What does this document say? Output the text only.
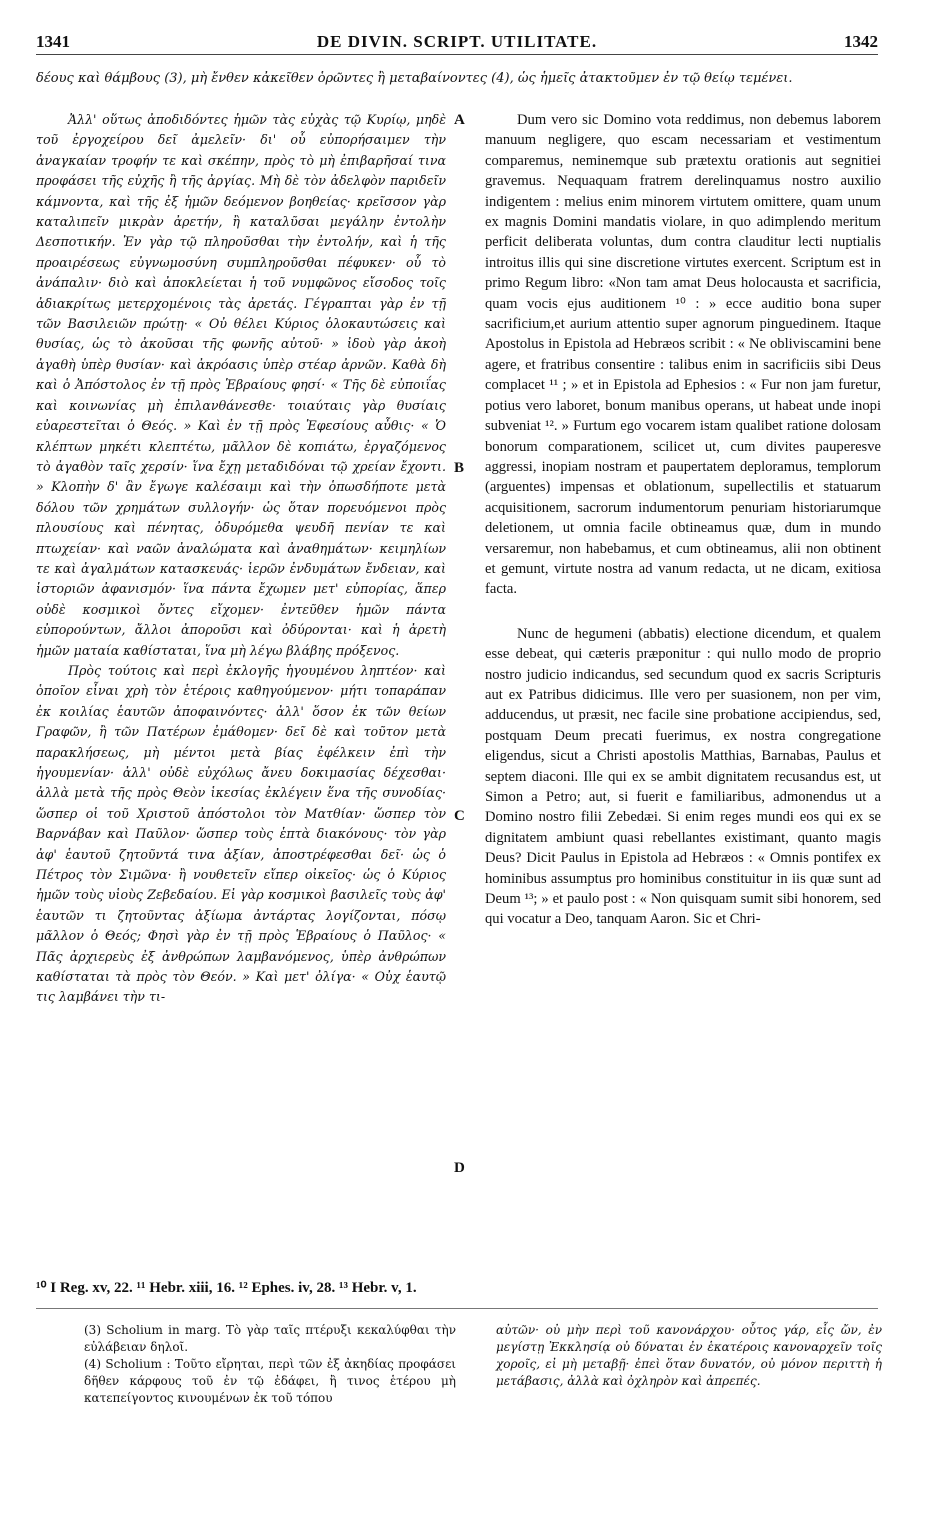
1341	DE DIVIN. SCRIPT. UTILITATE.	1342
δέους καὶ θάμβους (3), μὴ ἔνθεν κἀκεῖθεν ὁρῶντες ἢ μεταβαίνοντες (4), ὡς ἡμεῖς ἀτακτοῦμεν ἐν τῷ θείῳ τεμένει.

Ἀλλ' οὕτως ἀποδιδόντες ἡμῶν τὰς εὐχὰς τῷ Κυρίῳ, μηδὲ τοῦ ἐργοχείρου δεῖ ἀμελεῖν· δι' οὗ εὐπορήσαιμεν τὴν ἀναγκαίαν τροφήν τε καὶ σκέπην, πρὸς τὸ μὴ ἐπιβαρῆσαί τινα προφάσει τῆς εὐχῆς ἢ τῆς ἀργίας. Μὴ δὲ τὸν ἀδελφὸν παριδεῖν κάμνοντα, καὶ τῆς ἐξ ἡμῶν δεόμενον βοηθείας· κρεῖσσον γὰρ καταλιπεῖν μικρὰν ἀρετήν, ἢ καταλῦσαι μεγάλην ἐντολὴν Δεσποτικήν. Ἐν γὰρ τῷ πληροῦσθαι τὴν ἐντολήν, καὶ ἡ τῆς προαιρέσεως εὐγνωμοσύνη συμπληροῦσθαι πέφυκεν· οὗ τὸ ἀνάπαλιν· διὸ καὶ ἀποκλείεται ἡ τοῦ νυμφῶνος εἴσοδος τοῖς ἀδιακρίτως μετερχομένοις τὰς ἀρετάς. Γέγραπται γὰρ ἐν τῇ τῶν Βασιλειῶν πρώτῃ· « Οὐ θέλει Κύριος ὁλοκαυτώσεις καὶ θυσίας, ὡς τὸ ἀκοῦσαι τῆς φωνῆς αὐτοῦ· » ἰδοὺ γὰρ ἀκοὴ ἀγαθὴ ὑπὲρ θυσίαν· καὶ ἀκρόασις ὑπὲρ στέαρ ἀρνῶν. Καθὰ δὴ καὶ ὁ Ἀπόστολος ἐν τῇ πρὸς Ἑβραίους φησί· « Τῆς δὲ εὐποιΐας καὶ κοινωνίας μὴ ἐπιλανθάνεσθε· τοιαύταις γὰρ θυσίαις εὐαρεστεῖται ὁ Θεός. » Καὶ ἐν τῇ πρὸς Ἐφεσίους αὖθις· « Ὁ κλέπτων μηκέτι κλεπτέτω, μᾶλλον δὲ κοπιάτω, ἐργαζόμενος τὸ ἀγαθὸν ταῖς χερσίν· ἵνα ἔχῃ μεταδιδόναι τῷ χρείαν ἔχοντι. » Κλοπὴν δ' ἂν ἔγωγε καλέσαιμι καὶ τὴν ὁπωσδήποτε μετὰ δόλου τῶν χρημάτων συλλογήν· ὡς ὅταν πορευόμενοι πρὸς πλουσίους καὶ πένητας, ὀδυρόμεθα ψευδῆ πενίαν τε καὶ πτωχείαν· καὶ ναῶν ἀναλώματα καὶ ἀναθημάτων· κειμηλίων τε καὶ ἀγαλμάτων κατασκευάς· ἱερῶν ἐνδυμάτων ἔνδειαν, καὶ ἱστοριῶν ἀφανισμόν· ἵνα πάντα ἔχωμεν μετ' εὐπορίας, ἅπερ οὐδὲ κοσμικοὶ ὄντες εἴχομεν· ἐντεῦθεν ἡμῶν πάντα εὐπορούντων, ἄλλοι ἀποροῦσι καὶ ὀδύρονται· καὶ ἡ ἀρετὴ ἡμῶν ματαία καθίσταται, ἵνα μὴ λέγω βλάβης πρόξενος.

Πρὸς τούτοις καὶ περὶ ἐκλογῆς ἡγουμένου ληπτέον· καὶ ὁποῖον εἶναι χρὴ τὸν ἑτέροις καθηγούμενον· μήτι τοπαράπαν ἐκ κοιλίας ἑαυτῶν ἀποφαινόντες· ἀλλ' ὅσον ἐκ τῶν θείων Γραφῶν, ἢ τῶν Πατέρων ἐμάθομεν· δεῖ δὲ καὶ τοῦτον μετὰ παρακλήσεως, μὴ μέντοι μετὰ βίας ἐφέλκειν ἐπὶ τὴν ἡγουμενίαν· ἀλλ' οὐδὲ εὐχόλως ἄνευ δοκιμασίας δέχεσθαι· ἀλλὰ μετὰ τῆς πρὸς Θεὸν ἱκεσίας ἐκλέγειν ἕνα τῆς συνοδίας· ὥσπερ οἱ τοῦ Χριστοῦ ἀπόστολοι τὸν Ματθίαν· ὥσπερ τὸν Βαρνάβαν καὶ Παῦλον· ὥσπερ τοὺς ἑπτὰ διακόνους· τὸν γὰρ ἀφ' ἑαυτοῦ ζητοῦντά τινα ἀξίαν, ἀποστρέφεσθαι δεῖ· ὡς ὁ Πέτρος τὸν Σιμῶνα· ἢ νουθετεῖν εἴπερ οἰκεῖος· ὡς ὁ Κύριος ἡμῶν τοὺς υἱοὺς Ζεβεδαίου. Εἰ γὰρ κοσμικοὶ βασιλεῖς τοὺς ἀφ' ἑαυτῶν τι ζητοῦντας ἀξίωμα ἀντάρτας λογίζονται, πόσῳ μᾶλλον ὁ Θεός; Φησὶ γὰρ ἐν τῇ πρὸς Ἑβραίους ὁ Παῦλος· « Πᾶς ἀρχιερεὺς ἐξ ἀνθρώπων λαμβανόμενος, ὑπὲρ ἀνθρώπων καθίσταται τὰ πρὸς τὸν Θεόν. » Καὶ μετ' ὀλίγα· « Οὐχ ἑαυτῷ τις λαμβάνει τὴν τι-

A
B
C
D

Dum vero sic Domino vota reddimus, non debemus laborem manuum negligere, quo escam necessariam et vestimentum comparemus, neminemque sub prætextu orationis aut segnitiei gravemus. Nequaquam fratrem derelinquamus nostro auxilio indigentem : melius enim minorem virtutem omittere, quam unum ex magnis Domini mandatis violare, in quo adimplendo meritum perficit deliberata voluntas, dum contra clauditur lecti nuptialis introitus illis qui sine discretione virtutes exercent. Scriptum est in primo Regum libro: «Non tam amat Deus holocausta et sacrificia, quam vocis ejus auditionem ¹⁰ : » ecce auditio bona super sacrificium,et aurium attentio super agnorum pinguedinem. Itaque Apostolus in Epistola ad Hebræos scribit : « Ne obliviscamini bene agere, et fratribus consentire : talibus enim in sacrificiis sibi Deus complacet ¹¹ ; » et in Epistola ad Ephesios : « Fur non jam furetur, potius vero laboret, bonum manibus operans, ut habeat unde inopi subveniat ¹². » Furtum ego vocarem istam qualibet ratione dolosam bonorum comparationem, scilicet ut, cum divites pauperesve aggressi, inopiam nostram et paupertatem deploramus, templorum (arguentes) impensas et oblationum, supellectilis et statuarum acquisitionem, sacrorum indumentorum penuriam historiarumque deletionem, ut omnia facile obtineamus quæ, dum in mundo versaremur, non habebamus, et cum obtineamus, alii non obtinent et gemunt, virtute nostra ad vanum redacta, ut ne dicam, exitiosa facta.

Nunc de hegumeni (abbatis) electione dicendum, et qualem esse debeat, qui cæteris præponitur : qui nullo modo de proprio nostro judicio indicandus, sed secundum quod ex sacris Scripturis aut ex Patribus didicimus. Ille vero per suasionem, non per vim, adducendus, ut præsit, nec facile sine probatione accipiendus, sed, postquam Deum precati fuerimus, ex nostra congregatione eligendus, sicut a Christi apostolis Matthias, Barnabas, Paulus et septem diaconi. Ille qui ex se ambit dignitatem recusandus est, ut Simon a Petro; aut, si fuerit e familiaribus, admonendus ut a Domino nostro filii Zebedæi. Si enim reges mundi eos qui ex se dignitatem ambiunt quasi rebellantes existimant, quanto magis Deus? Dicit Paulus in Epistola ad Hebræos : « Omnis pontifex ex hominibus assumptus pro hominibus constituitur in iis quæ sunt ad Deum ¹³; » et paulo post : « Non quisquam sumit sibi honorem, sed qui vocatur a Deo, tanquam Aaron. Sic et Chri-

¹⁰ I Reg. xv, 22. ¹¹ Hebr. xiii, 16. ¹² Ephes. iv, 28. ¹³ Hebr. v, 1.

(3) Scholium in marg. Τὸ γὰρ ταῖς πτέρυξι κεκαλύφθαι τὴν εὐλάβειαν δηλοῖ.

(4) Scholium : Τοῦτο εἴρηται, περὶ τῶν ἐξ ἀκηδίας προφάσει δῆθεν κάρφους τοῦ ἐν τῷ ἐδάφει, ἢ τινος ἑτέρου μὴ κατεπείγοντος κινουμένων ἐκ τοῦ τόπου

αὐτῶν· οὐ μὴν περὶ τοῦ κανονάρχου· οὗτος γάρ, εἷς ὤν, ἐν μεγίστῃ Ἐκκλησίᾳ οὐ δύναται ἐν ἑκατέροις κανοναρχεῖν τοῖς χοροῖς, εἰ μὴ μεταβῇ· ἐπεὶ ὅταν δυνατόν, οὐ μόνον περιττὴ ἡ μετάβασις, ἀλλὰ καὶ ὀχληρὸν καὶ ἀπρεπές.
